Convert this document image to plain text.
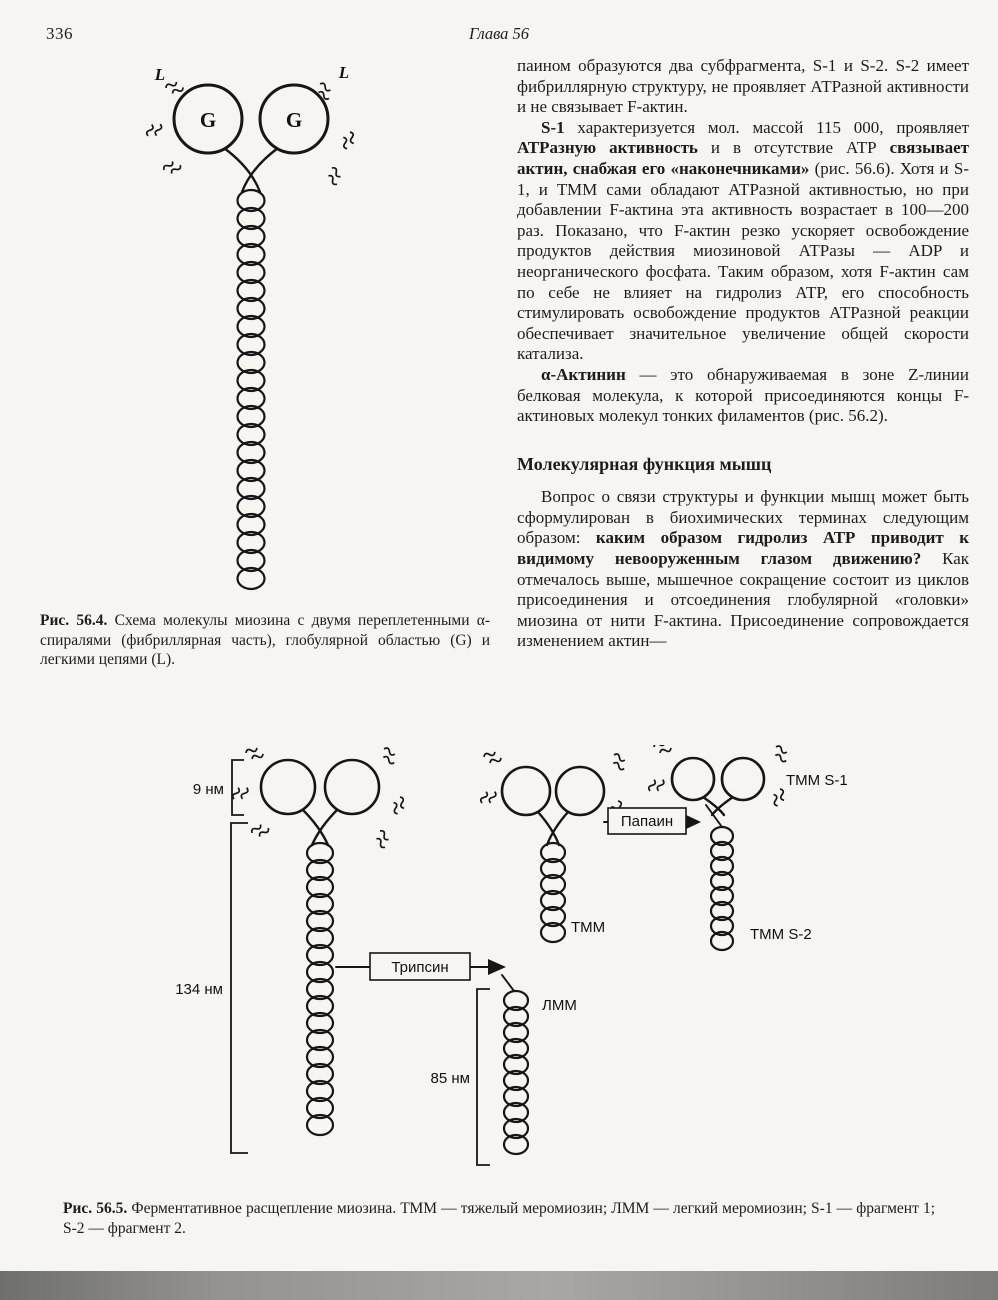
336	Глава 56
L	L
G	G
Рис. 56.4. Схема молекулы миозина с двумя переплетенными α-спиралями (фибриллярная часть), глобулярной областью (G) и легкими цепями (L).

паином образуются два субфрагмента, S-1 и S-2. S-2 имеет фибриллярную структуру, не проявляет АТРазной активности и не связывает F-актин.

S-1 характеризуется мол. массой 115 000, проявляет АТРазную активность и в отсутствие АТР связывает актин, снабжая его «наконечниками» (рис. 56.6). Хотя и S-1, и ТММ сами обладают АТРазной активностью, но при добавлении F-актина эта активность возрастает в 100—200 раз. Показано, что F-актин резко ускоряет освобождение продуктов действия миозиновой АТРазы — ADP и неорганического фосфата. Таким образом, хотя F-актин сам по себе не влияет на гидролиз АТР, его способность стимулировать освобождение продуктов АТРазной реакции обеспечивает значительное увеличение общей скорости катализа.

α-Актинин — это обнаруживаемая в зоне Z-линии белковая молекула, к которой присоединяются концы F-актиновых молекул тонких филаментов (рис. 56.2).

Молекулярная функция мышц

Вопрос о связи структуры и функции мышц может быть сформулирован в биохимических терминах следующим образом: каким образом гидролиз АТР приводит к видимому невооруженным глазом движению? Как отмечалось выше, мышечное сокращение состоит из циклов присоединения и отсоединения глобулярной «головки» миозина от нити F-актина. Присоединение сопровождается изменением актин—

9 нм
134 нм
Трипсин
ТММ
Папаин
ЛММ
85 нм
ТММ S-1
ТММ S-2
Рис. 56.5. Ферментативное расщепление миозина. ТММ — тяжелый меромиозин; ЛММ — легкий меромиозин; S-1 — фрагмент 1; S-2 — фрагмент 2.
